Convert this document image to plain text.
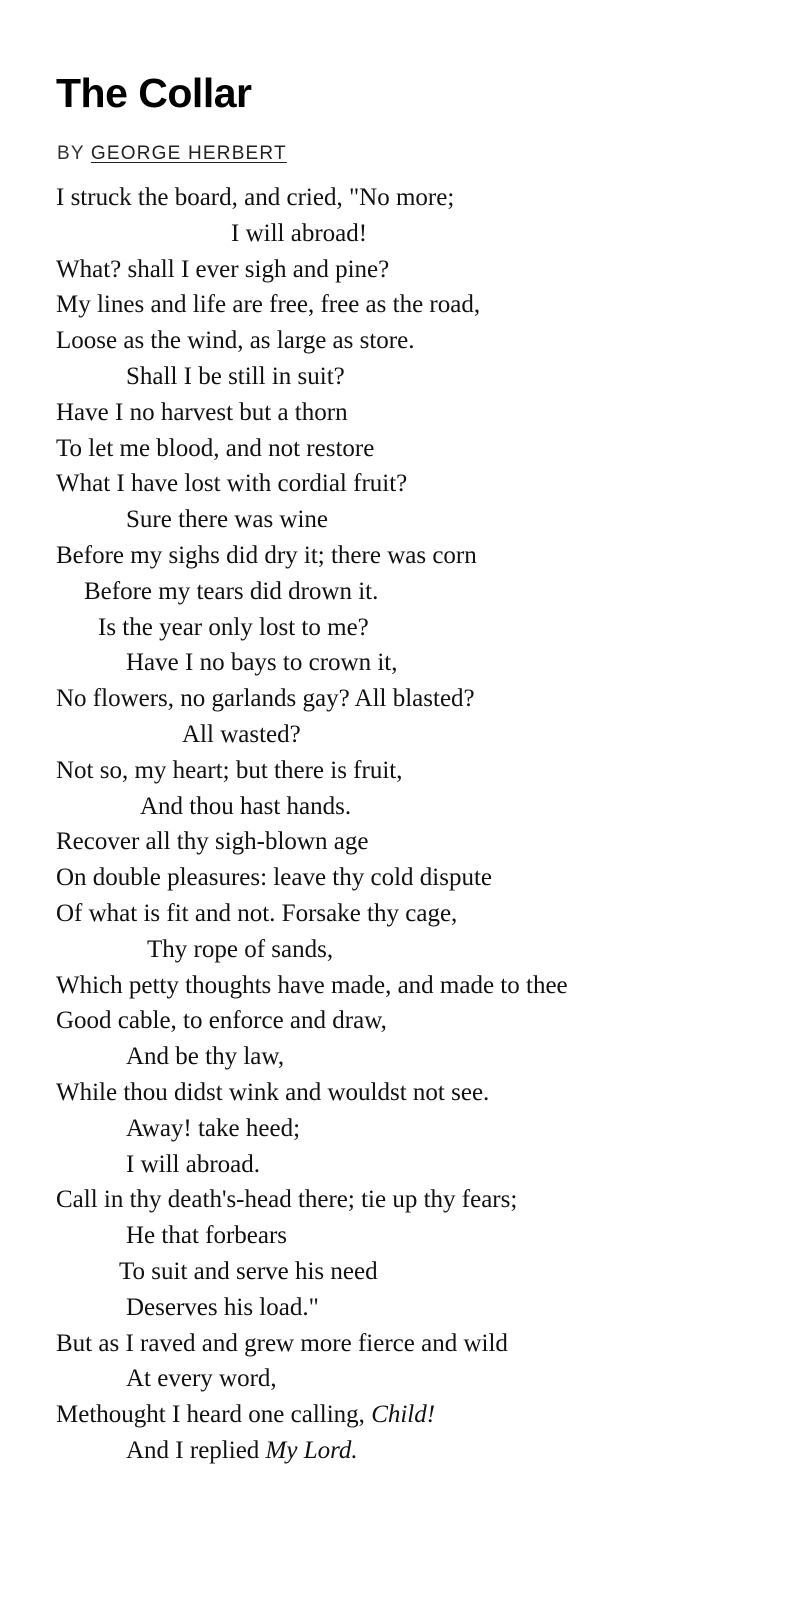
The Collar
BY GEORGE HERBERT
I struck the board, and cried, "No more;
I will abroad!
What? shall I ever sigh and pine?
My lines and life are free, free as the road,
Loose as the wind, as large as store.
Shall I be still in suit?
Have I no harvest but a thorn
To let me blood, and not restore
What I have lost with cordial fruit?
Sure there was wine
Before my sighs did dry it; there was corn
Before my tears did drown it.
Is the year only lost to me?
Have I no bays to crown it,
No flowers, no garlands gay? All blasted?
All wasted?
Not so, my heart; but there is fruit,
And thou hast hands.
Recover all thy sigh-blown age
On double pleasures: leave thy cold dispute
Of what is fit and not. Forsake thy cage,
Thy rope of sands,
Which petty thoughts have made, and made to thee
Good cable, to enforce and draw,
And be thy law,
While thou didst wink and wouldst not see.
Away! take heed;
I will abroad.
Call in thy death's-head there; tie up thy fears;
He that forbears
To suit and serve his need
Deserves his load."
But as I raved and grew more fierce and wild
At every word,
Methought I heard one calling, Child!
And I replied My Lord.
